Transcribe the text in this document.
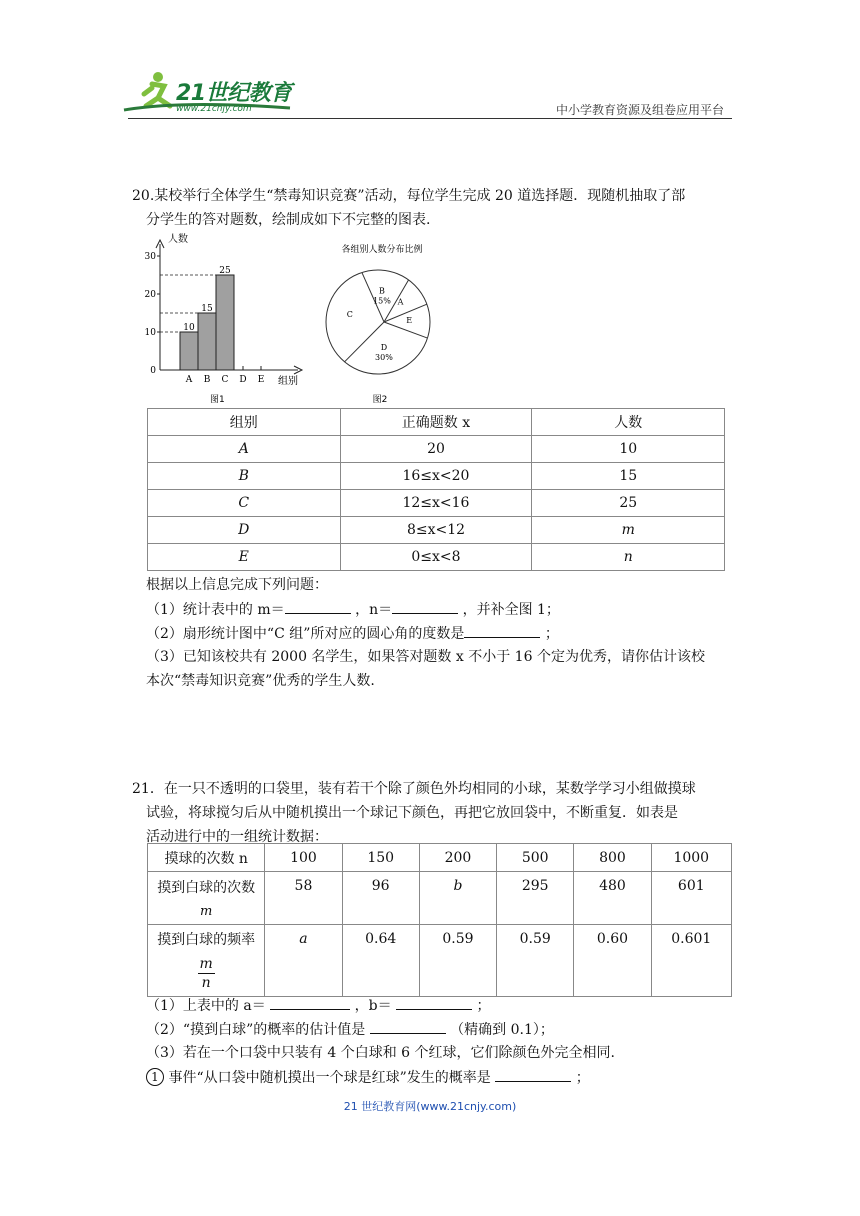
21世纪教育
www.21cnjy.com	中小学教育资源及组卷应用平台
20.某校举行全体学生“禁毒知识竞赛”活动，每位学生完成 20 道选择题．现随机抽取了部
分学生的答对题数，绘制成如下不完整的图表.
10
15
25
0
10
20
30
A B C D E
人数
组别
图1
各组别人数分布比例
B
15% A
E
D
30%
C
图2
组别	正确题数 x	人数
A	20	10
B	16≤x<20	15
C	12≤x<16	25
D	8≤x<12	m
E	0≤x<8	n
根据以上信息完成下列问题：
（1）统计表中的 m＝	，n＝	，并补全图 1；
（2）扇形统计图中“C 组”所对应的圆心角的度数是	；
（3）已知该校共有 2000 名学生，如果答对题数 x 不小于 16 个定为优秀，请你估计该校
本次“禁毒知识竞赛”优秀的学生人数.
21．在一只不透明的口袋里，装有若干个除了颜色外均相同的小球，某数学学习小组做摸球
试验，将球搅匀后从中随机摸出一个球记下颜色，再把它放回袋中，不断重复．如表是
活动进行中的一组统计数据：
摸球的次数 n	100	150	200	500	800	1000

摸到白球的次数
m	58	96	b	295	480	601

摸到白球的频率
$\frac{m}{n}$	a	0.64	0.59	0.59	0.60	0.601
（1）上表中的 a＝	，b＝	；
（2）“摸到白球”的概率的估计值是	（精确到 0.1）；
（3）若在一个口袋中只装有 4 个白球和 6 个红球，它们除颜色外完全相同.
1 事件“从口袋中随机摸出一个球是红球”发生的概率是	；
21 世纪教育网(www.21cnjy.com)
